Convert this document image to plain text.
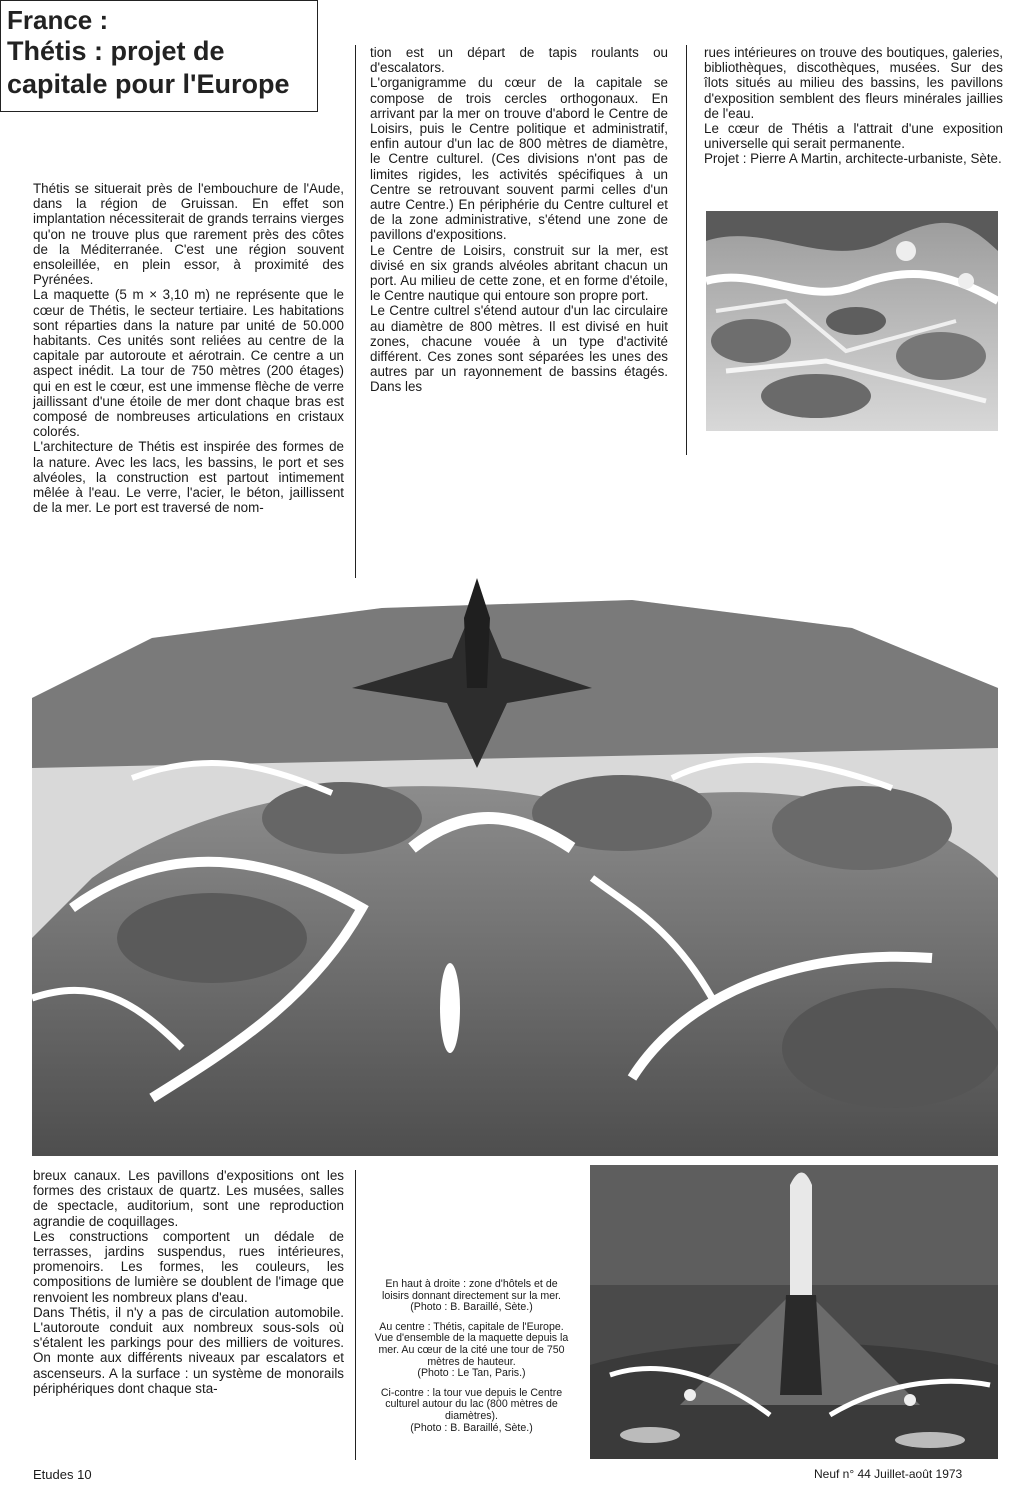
France :
Thétis : projet de
capitale pour l'Europe

Thétis se situerait près de l'embouchure de l'Aude, dans la région de Gruissan. En effet son implantation nécessiterait de grands terrains vierges qu'on ne trouve plus que rarement près des côtes de la Méditerranée. C'est une région souvent ensoleillée, en plein essor, à proximité des Pyrénées.

La maquette (5 m × 3,10 m) ne représente que le cœur de Thétis, le secteur tertiaire. Les habitations sont réparties dans la nature par unité de 50.000 habitants. Ces unités sont reliées au centre de la capitale par autoroute et aérotrain. Ce centre a un aspect inédit. La tour de 750 mètres (200 étages) qui en est le cœur, est une immense flèche de verre jaillissant d'une étoile de mer dont chaque bras est composé de nombreuses articulations en cristaux colorés.

L'architecture de Thétis est inspirée des formes de la nature. Avec les lacs, les bassins, le port et ses alvéoles, la construction est partout intimement mêlée à l'eau. Le verre, l'acier, le béton, jaillissent de la mer. Le port est traversé de nom-

tion est un départ de tapis roulants ou d'escalators.

L'organigramme du cœur de la capitale se compose de trois cercles orthogonaux. En arrivant par la mer on trouve d'abord le Centre de Loisirs, puis le Centre politique et administratif, enfin autour d'un lac de 800 mètres de diamètre, le Centre culturel. (Ces divisions n'ont pas de limites rigides, les activités spécifiques à un Centre se retrouvant souvent parmi celles d'un autre Centre.) En périphérie du Centre culturel et de la zone administrative, s'étend une zone de pavillons d'expositions.

Le Centre de Loisirs, construit sur la mer, est divisé en six grands alvéoles abritant chacun un port. Au milieu de cette zone, et en forme d'étoile, le Centre nautique qui entoure son propre port.

Le Centre cultrel s'étend autour d'un lac circulaire au diamètre de 800 mètres. Il est divisé en huit zones, chacune vouée à un type d'activité différent. Ces zones sont séparées les unes des autres par un rayonnement de bassins étagés. Dans les

rues intérieures on trouve des boutiques, galeries, bibliothèques, discothèques, musées. Sur des îlots situés au milieu des bassins, les pavillons d'exposition semblent des fleurs minérales jaillies de l'eau.

Le cœur de Thétis a l'attrait d'une exposition universelle qui serait permanente.

Projet : Pierre A Martin, architecte-urbaniste, Sète.

breux canaux. Les pavillons d'expositions ont les formes des cristaux de quartz. Les musées, salles de spectacle, auditorium, sont une reproduction agrandie de coquillages.

Les constructions comportent un dédale de terrasses, jardins suspendus, rues intérieures, promenoirs. Les formes, les couleurs, les compositions de lumière se doublent de l'image que renvoient les nombreux plans d'eau.

Dans Thétis, il n'y a pas de circulation automobile. L'autoroute conduit aux nombreux sous-sols où s'étalent les parkings pour des milliers de voitures. On monte aux différents niveaux par escalators et ascenseurs. A la surface : un système de monorails périphériques dont chaque sta-

En haut à droite : zone d'hôtels et de loisirs donnant directement sur la mer.
(Photo : B. Baraillé, Sète.)

Au centre : Thétis, capitale de l'Europe. Vue d'ensemble de la maquette depuis la mer. Au cœur de la cité une tour de 750 mètres de hauteur.
(Photo : Le Tan, Paris.)

Ci-contre : la tour vue depuis le Centre culturel autour du lac (800 mètres de diamètres).
(Photo : B. Baraillé, Sète.)

Etudes 10	Neuf n° 44 Juillet-août 1973
